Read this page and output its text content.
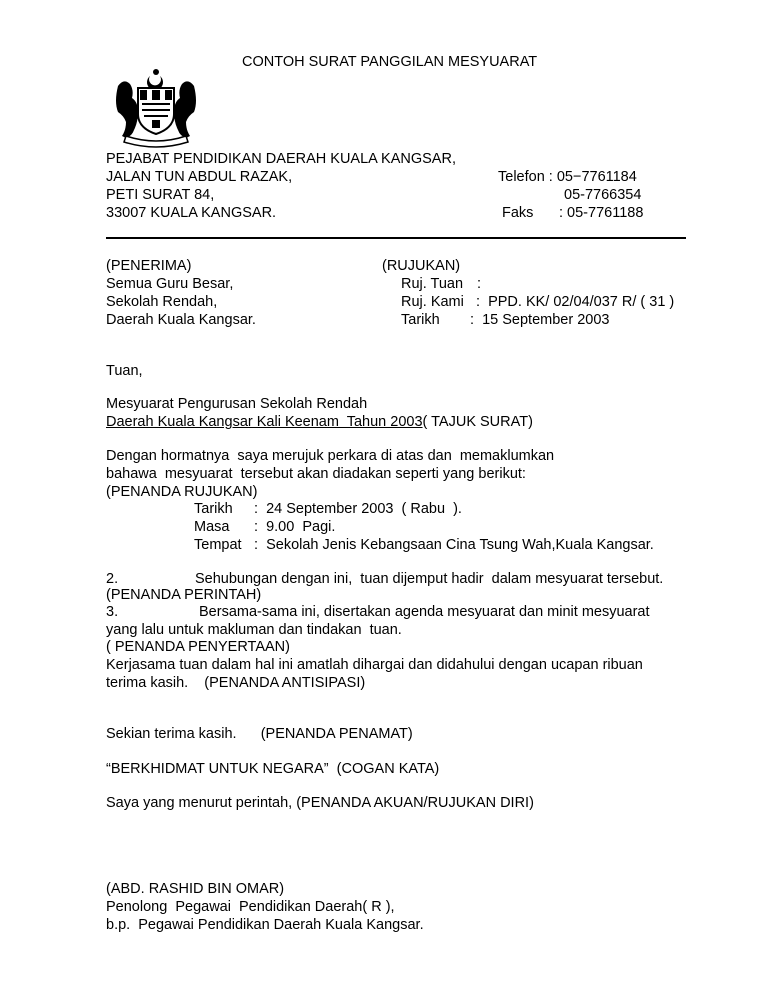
CONTOH SURAT PANGGILAN MESYUARAT
PEJABAT PENDIDIKAN DAERAH KUALA KANGSAR,
JALAN TUN ABDUL RAZAK,
PETI SURAT 84,
33007 KUALA KANGSAR.
Telefon : 05−7761184
05-7766354
Faks : 05-7761188
(PENERIMA)
Semua Guru Besar,
Sekolah Rendah,
Daerah Kuala Kangsar.
(RUJUKAN)
Ruj. Tuan :
Ruj. Kami :  PPD. KK/ 02/04/037 R/ ( 31 )
Tarikh :  15 September 2003
Tuan,
Mesyuarat Pengurusan Sekolah Rendah
Daerah Kuala Kangsar Kali Keenam  Tahun 2003( TAJUK SURAT)
Dengan hormatnya  saya merujuk perkara di atas dan  memaklumkan
bahawa  mesyuarat  tersebut akan diadakan seperti yang berikut:
(PENANDA RUJUKAN)
Tarikh :  24 September 2003  ( Rabu  ).
Masa :  9.00  Pagi.
Tempat :  Sekolah Jenis Kebangsaan Cina Tsung Wah,Kuala Kangsar.
2.	Sehubungan dengan ini,  tuan dijemput hadir  dalam mesyuarat tersebut.
(PENANDA PERINTAH)
3.	Bersama-sama ini, disertakan agenda mesyuarat dan minit mesyuarat
yang lalu untuk makluman dan tindakan  tuan.
( PENANDA PENYERTAAN)
Kerjasama tuan dalam hal ini amatlah dihargai dan didahului dengan ucapan ribuan
terima kasih.    (PENANDA ANTISIPASI)
Sekian terima kasih.      (PENANDA PENAMAT)
“BERKHIDMAT UNTUK NEGARA”  (COGAN KATA)
Saya yang menurut perintah, (PENANDA AKUAN/RUJUKAN DIRI)
(ABD. RASHID BIN OMAR)
Penolong  Pegawai  Pendidikan Daerah( R ),
b.p.  Pegawai Pendidikan Daerah Kuala Kangsar.
